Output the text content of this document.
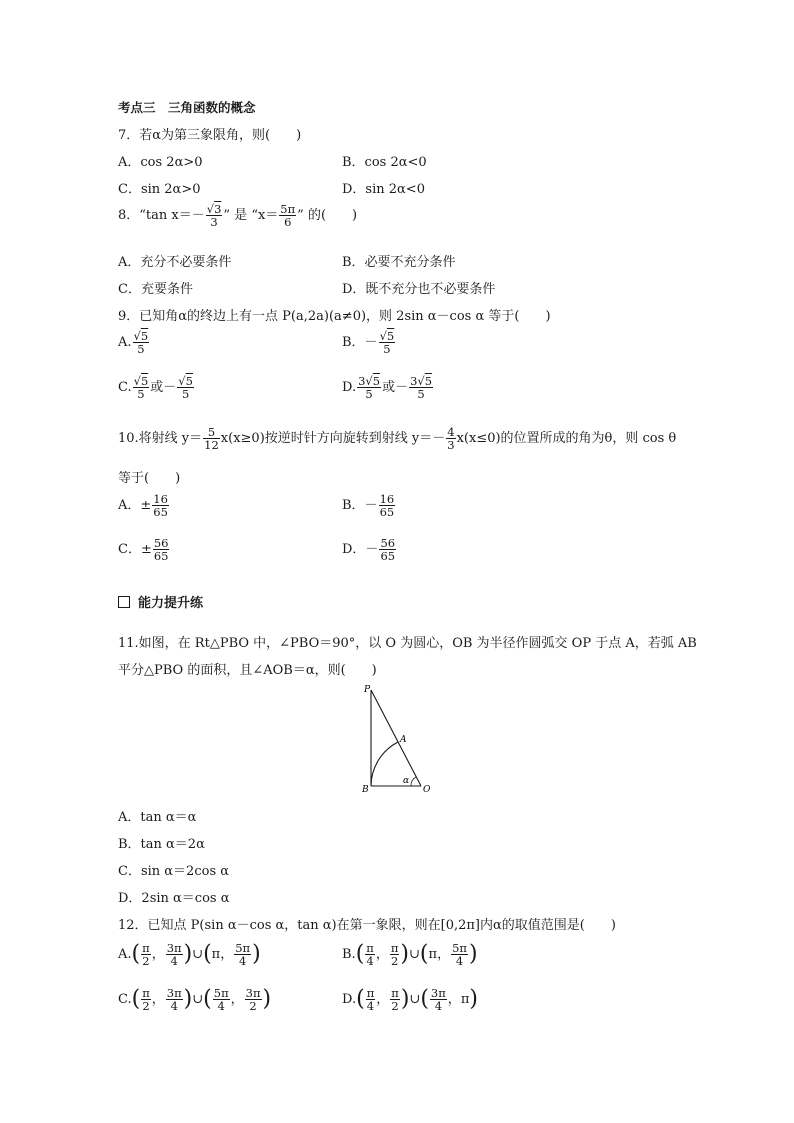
考点三　三角函数的概念
7．若α为第三象限角，则(　　)
A．cos 2α>0	B．cos 2α<0
C．sin 2α>0	D．sin 2α<0
8．“tan $x=- \frac{√3}{3}$ ” 是 “$x= \frac{5\pi}{6}$ ” 的(　　)
A．充分不必要条件	B．必要不充分条件
C．充要条件	D．既不充分也不必要条件
9．已知角α的终边上有一点 P(a,2a)(a≠0)，则 2sin α－cos α 等于(　　)
A. $\frac{√5}{5}$	B．－ $\frac{√5}{5}$
C. $\frac{√5}{5}$ 或－ $\frac{√5}{5}$	D. $\frac{3√5}{5}$ 或－ $\frac{3√5}{5}$
10.将射线 $y= \frac{5}{12} x(x\ge 0)$按逆时针方向旋转到射线 $y=- \frac{4}{3} x(x\le 0)$的位置所成的角为θ，则 cos θ
等于(　　)
A．± $\frac{16}{65}$	B．－ $\frac{16}{65}$
C．± $\frac{56}{65}$	D．－ $\frac{56}{65}$
能力提升练
11.如图，在 Rt△PBO 中，∠PBO＝90°，以 O 为圆心，OB 为半径作圆弧交 OP 于点 A，若弧 AB
平分△PBO 的面积，且∠AOB＝α，则(　　)
P
A
B	O
α
A．tan α＝α
B．tan α＝2α
C．sin α＝2cos α
D．2sin α＝cos α
12．已知点 P(sin α－cos α，tan α)在第一象限，则在[0,2π]内α的取值范围是(　　)
$A.( \frac{\pi}{2}$ ， $\frac{3\pi}{4}$ )∪(π， $\frac{5\pi}{4}$ )	$B.( \frac{\pi}{4}$ ， $\frac{\pi}{2}$ )∪(π， $\frac{5\pi}{4}$ )
$C.( \frac{\pi}{2}$ ， $\frac{3\pi}{4}$ )∪( $\frac{5\pi}{4}$ ， $\frac{3\pi}{2}$ )	$D.( \frac{\pi}{4}$ ， $\frac{\pi}{2}$ )∪( $\frac{3\pi}{4}$ ，π)
